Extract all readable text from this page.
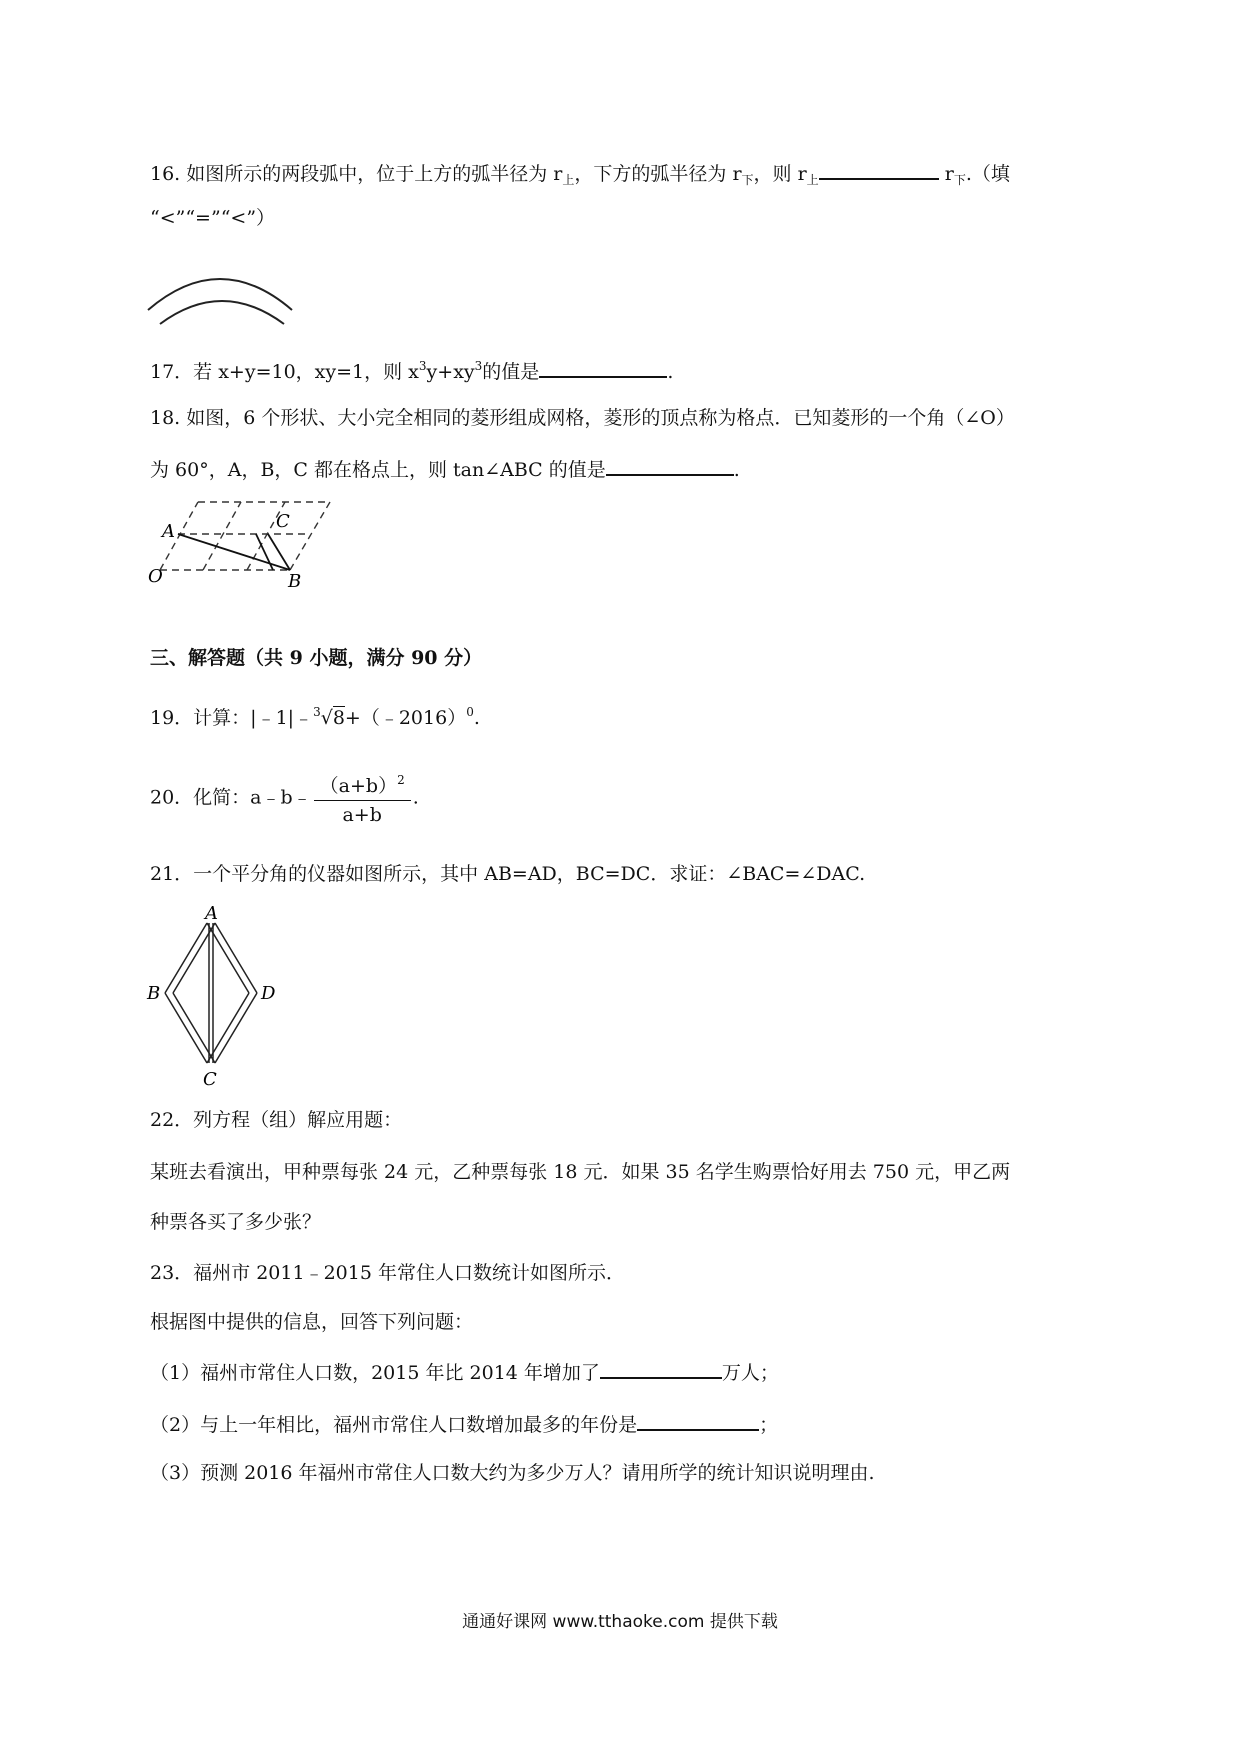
16. 如图所示的两段弧中，位于上方的弧半径为 $r_上$，下方的弧半径为 $r_下$，则 $r_上$	$r_下$.（填
“<”“=”“<”）
17．若 x+y=10，xy=1，则 $x^3y+xy^3$的值是	.
18. 如图，6 个形状、大小完全相同的菱形组成网格，菱形的顶点称为格点．已知菱形的一个角（∠O）
为 60°，A，B，C 都在格点上，则 tan∠ABC 的值是	.
A	C
O	B
三、解答题（共 9 小题，满分 90 分）
19．计算：|﹣1|﹣$^3$√8+（﹣2016）$^0$.
20．化简：a﹣b﹣ $\frac{(a+b)^2}{a+b}$ .
21．一个平分角的仪器如图所示，其中 AB=AD，BC=DC．求证：∠BAC=∠DAC.
A
B	D
C
22．列方程（组）解应用题：
某班去看演出，甲种票每张 24 元，乙种票每张 18 元．如果 35 名学生购票恰好用去 750 元，甲乙两
种票各买了多少张？
23．福州市 2011﹣2015 年常住人口数统计如图所示．
根据图中提供的信息，回答下列问题：
（1）福州市常住人口数，2015 年比 2014 年增加了	万人；
（2）与上一年相比，福州市常住人口数增加最多的年份是	；
（3）预测 2016 年福州市常住人口数大约为多少万人？请用所学的统计知识说明理由.
通通好课网 www.tthaoke.com 提供下载
